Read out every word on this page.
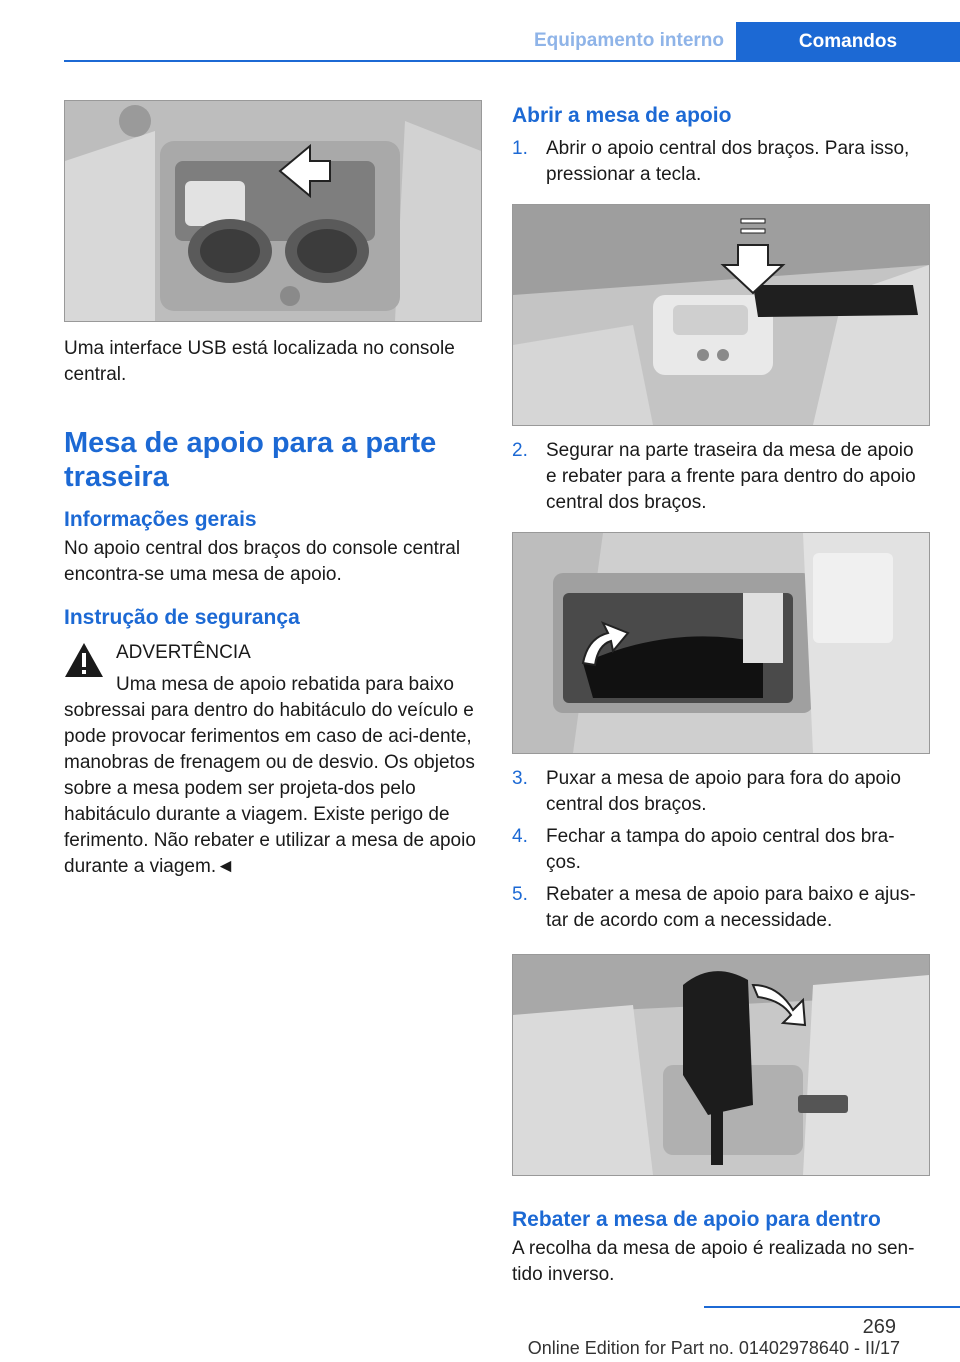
Equipamento interno	Comandos

Uma interface USB está localizada no console central.

Mesa de apoio para a parte traseira
Informações gerais

No apoio central dos braços do console central encontra-se uma mesa de apoio.

Instrução de segurança

ADVERTÊNCIA

Uma mesa de apoio rebatida para baixo

sobressai para dentro do habitáculo do veículo e pode provocar ferimentos em caso de aci-dente, manobras de frenagem ou de desvio. Os objetos sobre a mesa podem ser projeta-dos pelo habitáculo durante a viagem. Existe perigo de ferimento. Não rebater e utilizar a mesa de apoio durante a viagem.◄

Abrir a mesa de apoio
1. Abrir o apoio central dos braços. Para isso, pressionar a tecla.
2. Segurar na parte traseira da mesa de apoio e rebater para a frente para dentro do apoio central dos braços.
3. Puxar a mesa de apoio para fora do apoio central dos braços.
4. Fechar a tampa do apoio central dos bra-ços.
5. Rebater a mesa de apoio para baixo e ajus-tar de acordo com a necessidade.
Rebater a mesa de apoio para dentro

A recolha da mesa de apoio é realizada no sen-tido inverso.

269
Online Edition for Part no. 01402978640 - II/17
